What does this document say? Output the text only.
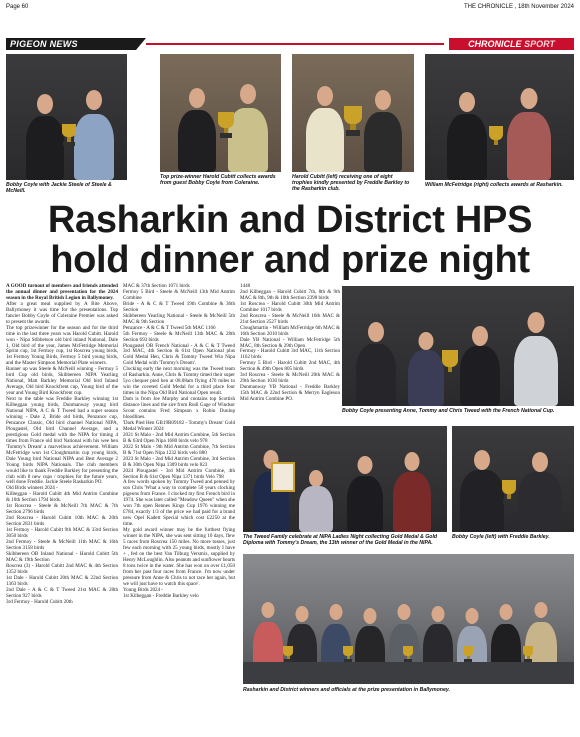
Page 60	THE CHRONICLE , 18th November 2024
PIGEON NEWS	CHRONICLE SPORT
Bobby Coyle with Jackie Steele of Steele & McNeill.
Top prize-winner Harold Cubitt collects awards from guest Bobby Coyle from Coleraine.
Harold Cubitt (left) receiving one of eight trophies kindly presented by Freddie Barkley to the Rasharkin club.
William McFetridge (right) collects awards at Rasharkin.
Rasharkin and District HPS hold dinner and prize night
Bobby Coyle presenting Anne, Tommy and Chris Tweed with the French National Cup.
The Tweed Family celebrate at NIPA Ladies Night collecting Gold Medal & Gold Diploma with Tommy's Dream, the 13th winner of the Gold Medal in the NIPA.
Bobby Coyle (left) with Freddie Barkley.
Rasharkin and District winners and officials at the prize presentation in Ballymoney.

A GOOD turnout of members and friends attended the annual dinner and presentation for the 2024 season in the Royal British Legion in Ballymoney.

After a great meal supplied by A Bite Above, Ballymoney it was time for the presentations. Top fancier Bobby Coyle of Coleraine Premier was asked to present the awards.

The top prizewinner for the season and for the third time in the last three years was Harold Cubitt. Harold won - Nipa Stibbetson old bird inland National, Dale 1, Old bird of the year, James McFetridge Memorial Sprint cup, 1st Fermoy cup, 1st Roscrea young birds, 1st Fermoy Young Birds, Fermoy 5 bird young birds, and the Master Simpson Memorial Plate winners.

Runner up was Steele & McNeill winning - Fermoy 5 bird Cup old birds, Skibbereen NIPA Yearling National, Matt Barkley Memorial Old bird Inland Average, Old bird Knockfrent cup, Young bird of the year and Young Bird Knockfrent cup.

Next to the table was Freddie Barkley winning 1st Kilbeggan young birds, Dunmanway young bird National NIPA, A C & T Tweed had a super season winning - Dale 2, Bride old birds, Penzance cup, Penzance Classic, Old bird channel National NIPA, Plougastel, Old bird Channel Average, and a prestigious Gold medal with the NIPA for timing 4 times from France old bird National with his wee hen 'Tommy's Dream' a marvellous achievement. William McFetridge won 1st Cloughmartin cup young birds, Dale Young bird National NIPA and Best Average 2 Young birds NIPA Nationals. The club members would like to thank Freddie Barkley for presenting the club with 8 new cups / trophies for the future years, well done Freddie. Jackie Steele Rasharkin PO.

Old Birds winners 2024 -

Kilbeggan - Harold Cubitt 4th Mid Antrim Combine & 10th Section 1794 birds.

1st Roscrea - Steele & McNeill 7th MAC & 7th Section 2796 birds

2nd Roscrea - Harold Cubitt 10th MAC & 20th Section 2831 birds

1st Fermoy - Harold Cubitt 9th MAC & 33rd Section 3050 birds

2nd Fermoy - Steele & McNeill 11th MAC & 16th Section 3158 birds

Skibbereen OB Inland National - Harold Cubitt 5th MAC & 19th Section

Roscrea (3) - Harold Cubitt 2nd MAC & 4th Section 1352 birds

1st Dale - Harold Cubitt 20th MAC & 22nd Section 1363 birds

2nd Dale - A & C & T Tweed 21st MAC & 28th Section 927 birds

3rd Fermoy - Harold Cubitt 20th

MAC & 37th Section 1071 birds

Fermoy 5 Bird - Steele & McNeill 13th Mid Antrim Combine

Bride - A & C & T Tweed 19th Combine & 36th Section

Skibbereen Yearling National - Steele & McNeill 5th MAC & 9th Section

Penzance - A & C & T Tweed 5th MAC 1166

5th Fermoy - Steele & McNeill 13th MAC & 28th Section 693 birds

Plougastel OB French National - A & C & T Tweed 3rd MAC, 4th Section & 61st Open National plus Gold Medal Hen, Chris & Tommy Tweed Win Nipa Gold Medal with 'Tommy's Dream'.

Clocking early the next morning was the Tweed team of Rasharkin. Anne, Chris & Tommy timed their super 5yo chequer pied hen at 08.08am flying 470 miles to win the coveted Gold Medal for a third place four times in the Nipa Old Bird National Open result.

Dam is from Joe Murphy and contains top Scottish distance lines and the sire from Rudi Gage of Windsor Scout contains Fred Simpson x Robin Dunlop bloodlines.

'Dark Pied Hen GB19R09182 - Tommy's Dream' Gold Medal Winner 2024

2021 St Malo - 2nd Mid Antrim Combine, 5th Section B & 63rd Open Nipa 1680 birds velo 978

2022 St Malo - 9th Mid Antrim Combine, 7th Section B & 71st Open Nipa 1232 birds velo 880

2023 St Malo - 2nd Mid Antrim Combine, 3rd Section B & 30th Open Nipa 1309 birds velo 823

2024 Plougastel - 3rd Mid Antrim Combine, 4th Section B & 61st Open Nipa 1371 birds Velo 798

A few words spoken by Tommy Tweed and penned by son Chris 'What a way to complete 50 years clocking pigeons from France. I clocked my first French bird in 1974. She was later called "Meadow Queen" when she won 7th open Rennes Kings Cup 1976 winning me £784, exactly 1/3 of the price we had paid for a brand new Opel Kadett Special which cost £2250 at the time.

My gold award winner may be the furthest flying winner in the NIPA, she was sent sitting 10 days, flew 5 races from Roscrea 150 miles. No more tosses, just few each morning with 25 young birds, mostly I have + , fed on the best Van Tilburg Versmix, supplied by Henry McLoughlin. Also peanuts and sunflower hearts 8 tons twice in the water. She has won on over £1,050 from her past four races from France. I'm now under pressure from Anne & Chris to not race her again, but we will just have to watch this space'.

Young Birds 2024 -

1st Kilbeggan - Freddie Barkley velo

1448

2nd Kilbeggan - Harold Cubitt 7th, 8th & 9th MAC & 8th, 9th & 10th Section 2398 birds

1st Roscrea - Harold Cubitt 30th Mid Antrim Combine 1017 birds

2nd Roscrea - Steele & McNeill 16th MAC & 21st Section 2527 birds

Cloughmartin - William McFetridge 6th MAC & 16th Section 2010 birds

Dale YB National - William McFetridge 5th MAC, 8th Section & 29th Open

Fermoy - Harold Cubitt 3rd MAC, 11th Section 1162 birds

Fermoy 5 Bird - Harold Cubitt 2nd MAC, 4th Section & 49th Open 805 birds

3rd Roscrea - Steele & McNeill 20th MAC & 29th Section 1030 birds

Dunmanway YB National - Freddie Barkley 15th MAC & 22nd Section & Merryn Eagleson Mid Antrim Combine PO.
